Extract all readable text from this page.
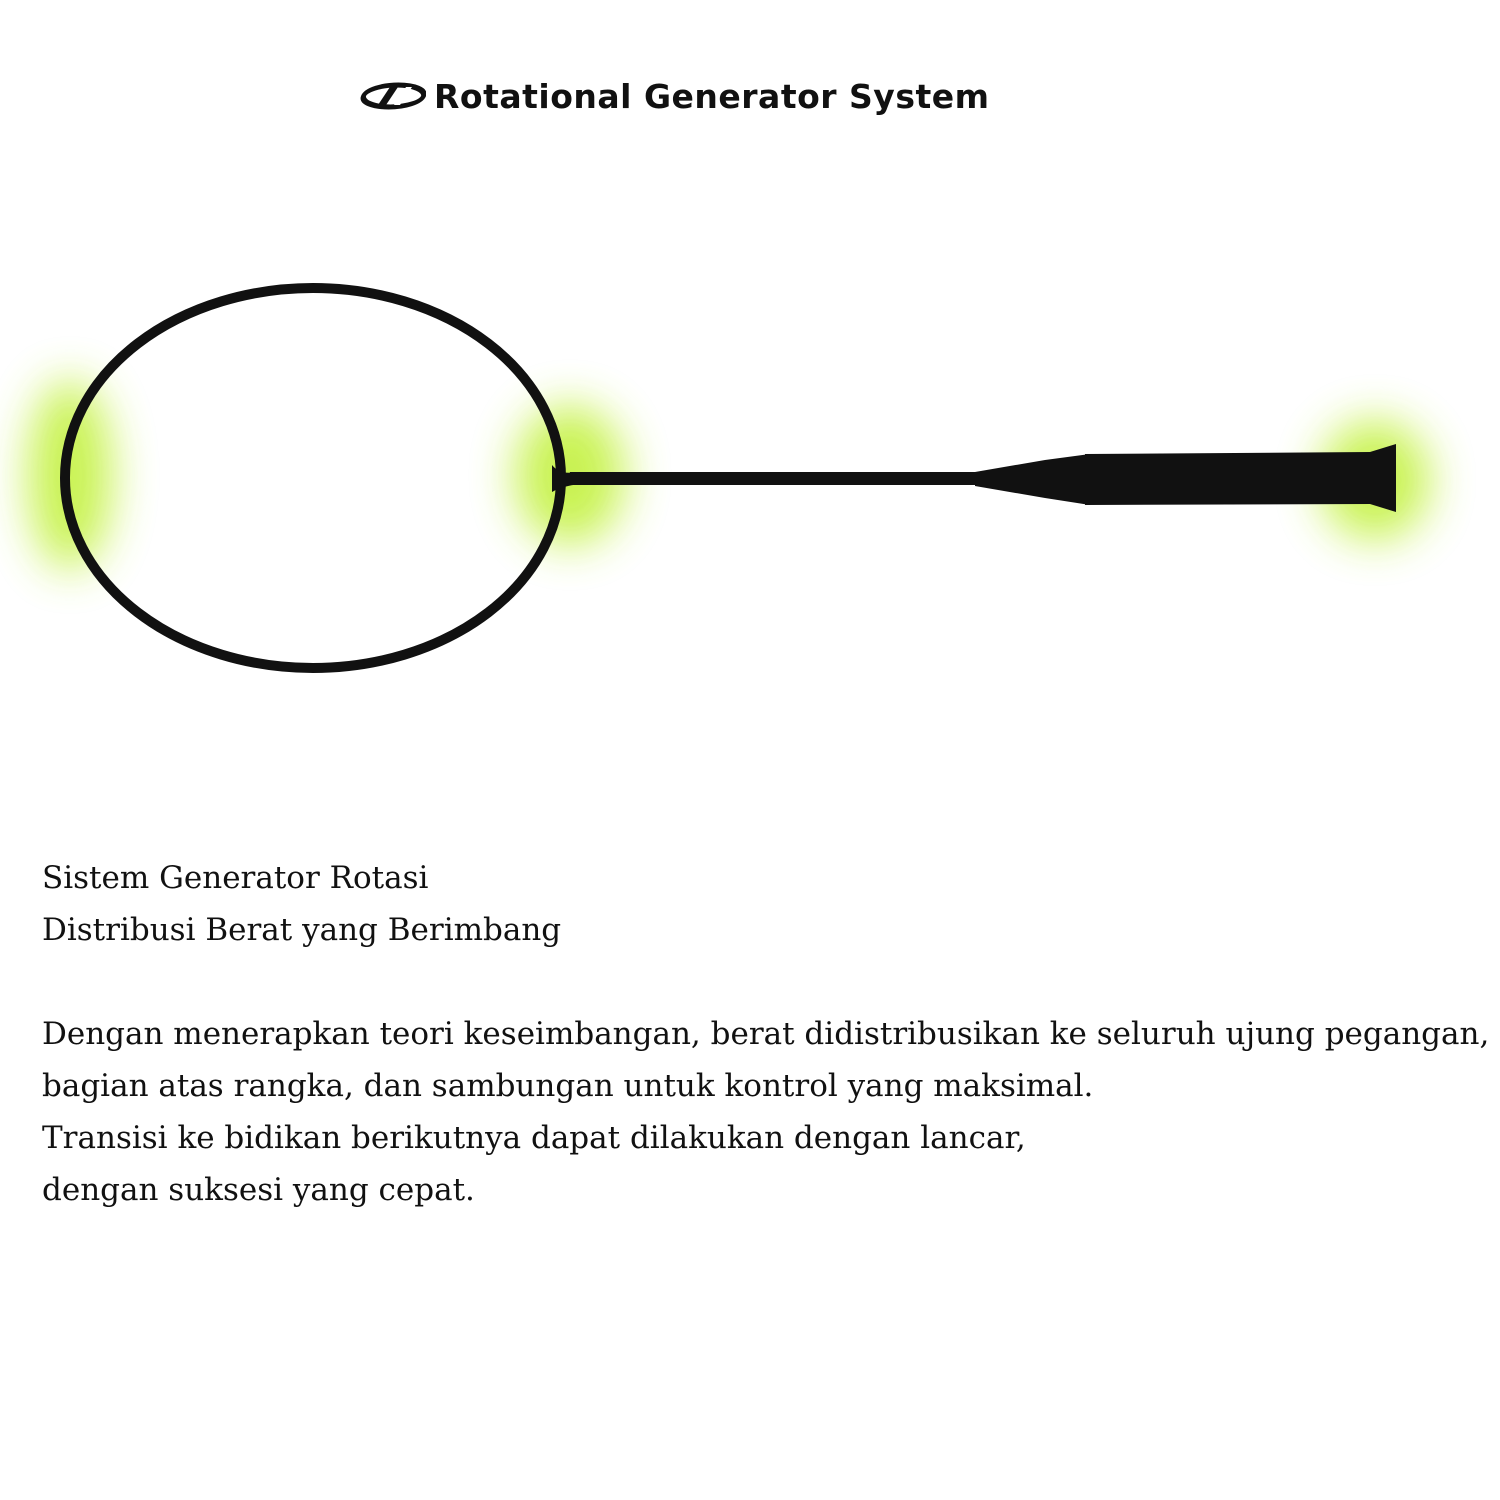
Rotational Generator System

Sistem Generator Rotasi

Distribusi Berat yang Berimbang

Dengan menerapkan teori keseimbangan, berat didistribusikan ke seluruh ujung pegangan,

bagian atas rangka, dan sambungan untuk kontrol yang maksimal.

Transisi ke bidikan berikutnya dapat dilakukan dengan lancar,

dengan suksesi yang cepat.
